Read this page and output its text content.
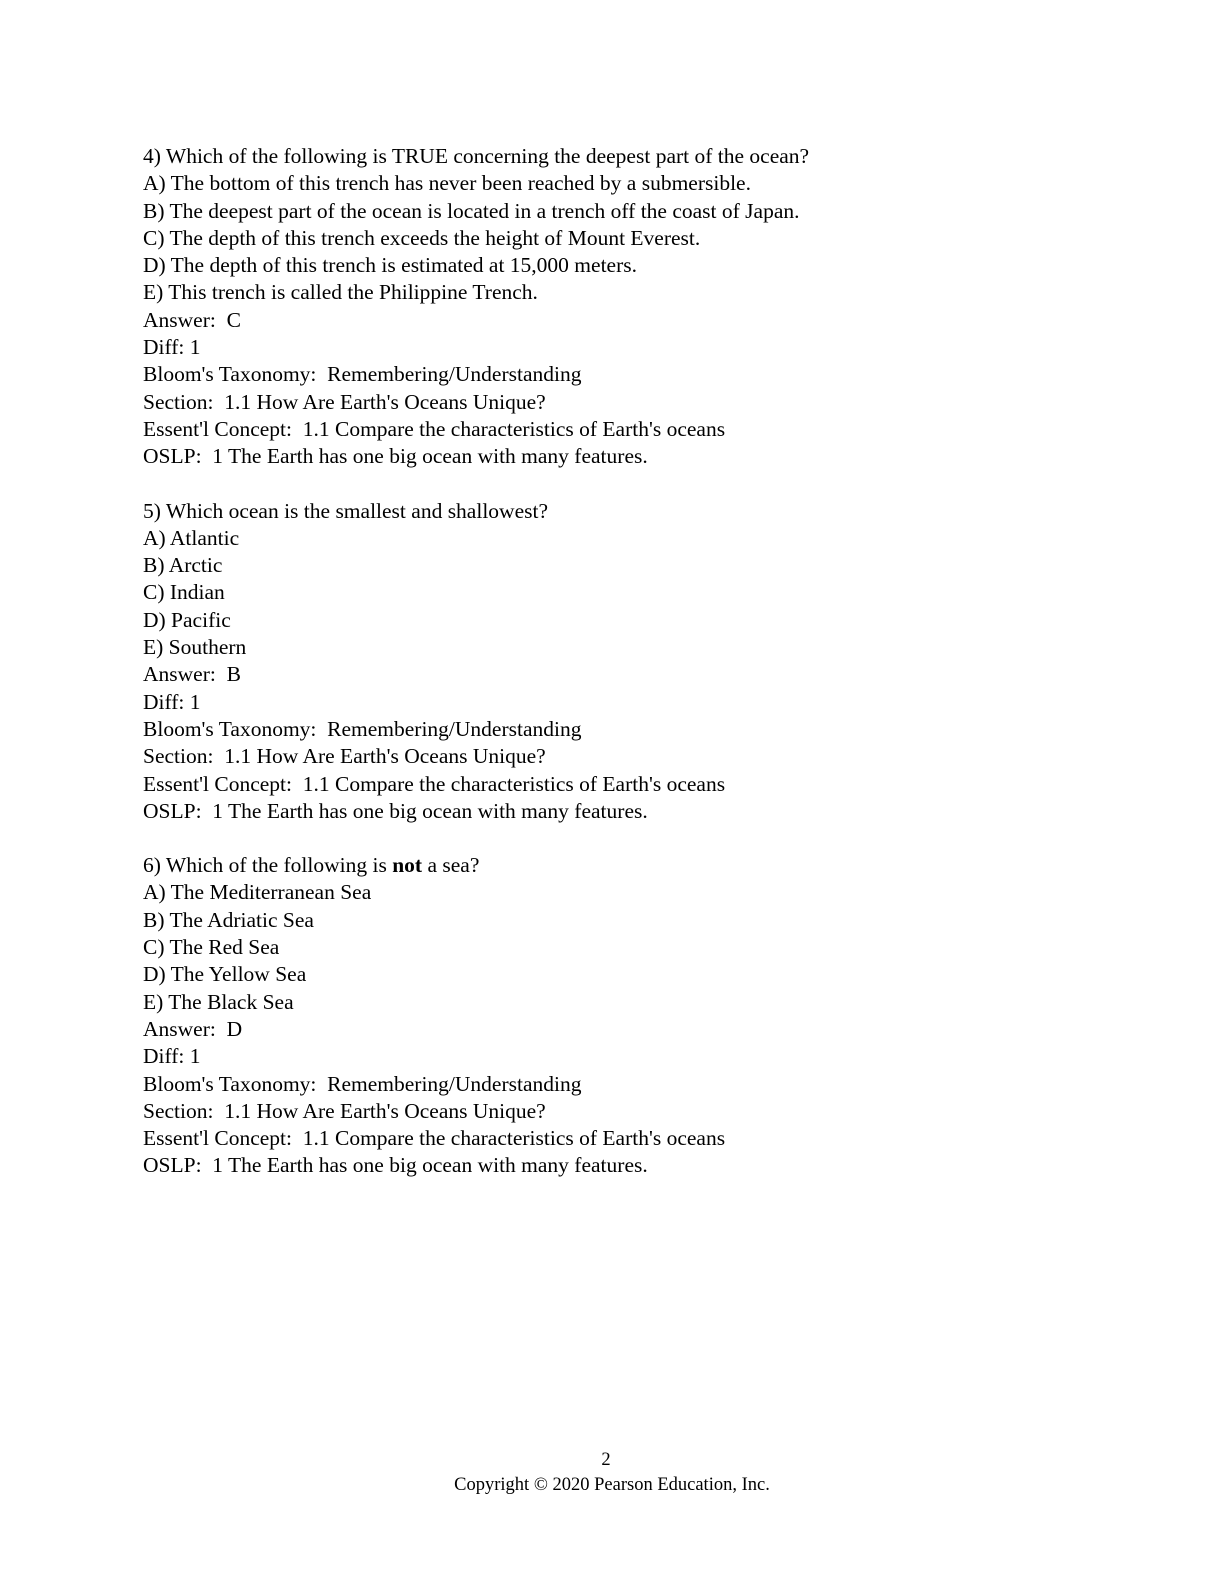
4) Which of the following is TRUE concerning the deepest part of the ocean?
A) The bottom of this trench has never been reached by a submersible.
B) The deepest part of the ocean is located in a trench off the coast of Japan.
C) The depth of this trench exceeds the height of Mount Everest.
D) The depth of this trench is estimated at 15,000 meters.
E) This trench is called the Philippine Trench.
Answer:  C
Diff: 1
Bloom's Taxonomy:  Remembering/Understanding
Section:  1.1 How Are Earth's Oceans Unique?
Essent'l Concept:  1.1 Compare the characteristics of Earth's oceans
OSLP:  1 The Earth has one big ocean with many features.
5) Which ocean is the smallest and shallowest?
A) Atlantic
B) Arctic
C) Indian
D) Pacific
E) Southern
Answer:  B
Diff: 1
Bloom's Taxonomy:  Remembering/Understanding
Section:  1.1 How Are Earth's Oceans Unique?
Essent'l Concept:  1.1 Compare the characteristics of Earth's oceans
OSLP:  1 The Earth has one big ocean with many features.
6) Which of the following is not a sea?
A) The Mediterranean Sea
B) The Adriatic Sea
C) The Red Sea
D) The Yellow Sea
E) The Black Sea
Answer:  D
Diff: 1
Bloom's Taxonomy:  Remembering/Understanding
Section:  1.1 How Are Earth's Oceans Unique?
Essent'l Concept:  1.1 Compare the characteristics of Earth's oceans
OSLP:  1 The Earth has one big ocean with many features.
2
Copyright © 2020 Pearson Education, Inc.
